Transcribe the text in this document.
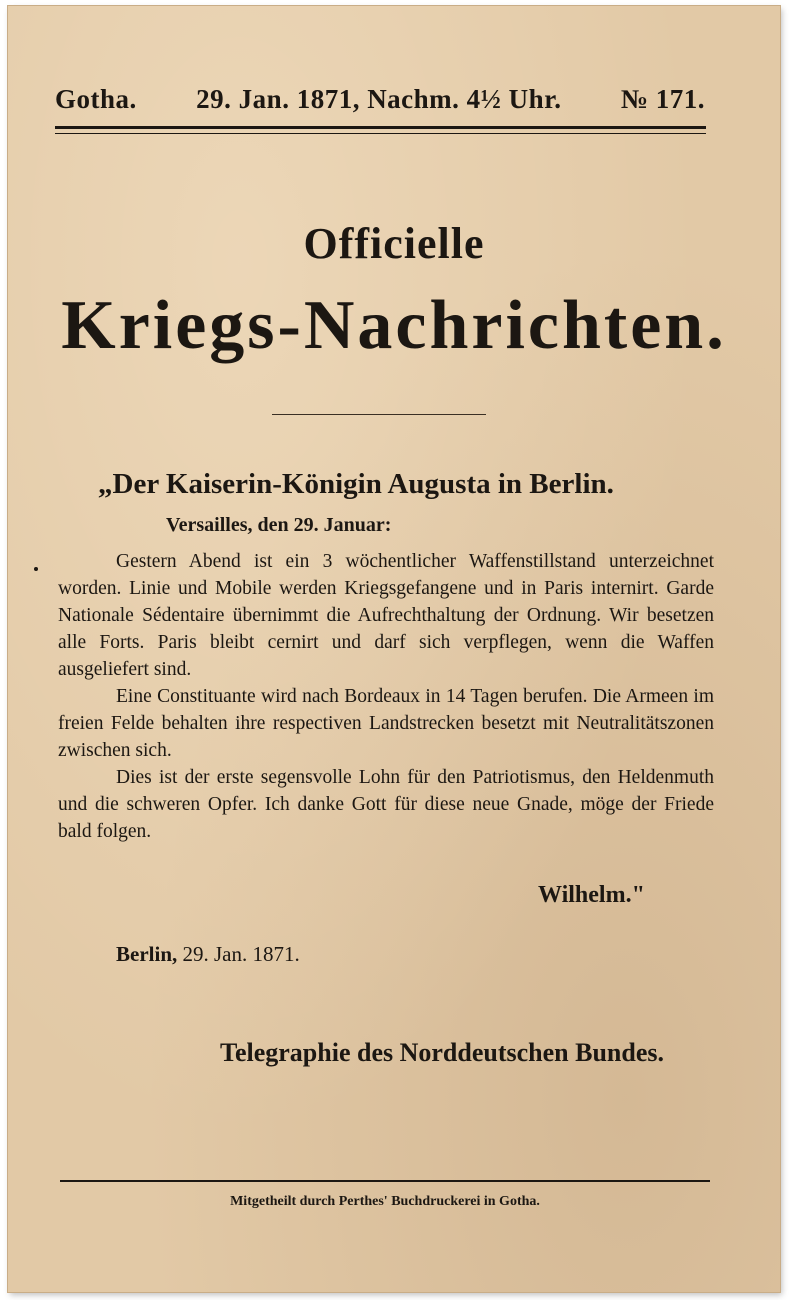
Gotha. 29. Jan. 1871, Nachm. 4½ Uhr. № 171.
Officielle
Kriegs-Nachrichten.
„Der Kaiserin-Königin Augusta in Berlin.
Versailles, den 29. Januar:

Gestern Abend ist ein 3 wöchentlicher Waffenstillstand unterzeichnet worden. Linie und Mobile werden Kriegsgefangene und in Paris internirt. Garde Nationale Sédentaire übernimmt die Aufrechthaltung der Ordnung. Wir besetzen alle Forts. Paris bleibt cernirt und darf sich verpflegen, wenn die Waffen ausgeliefert sind.

Eine Constituante wird nach Bordeaux in 14 Tagen berufen. Die Armeen im freien Felde behalten ihre respectiven Landstrecken besetzt mit Neutralitätszonen zwischen sich.

Dies ist der erste segensvolle Lohn für den Patriotismus, den Heldenmuth und die schweren Opfer. Ich danke Gott für diese neue Gnade, möge der Friede bald folgen.

Wilhelm."
Berlin, 29. Jan. 1871.
Telegraphie des Norddeutschen Bundes.
Mitgetheilt durch Perthes' Buchdruckerei in Gotha.
